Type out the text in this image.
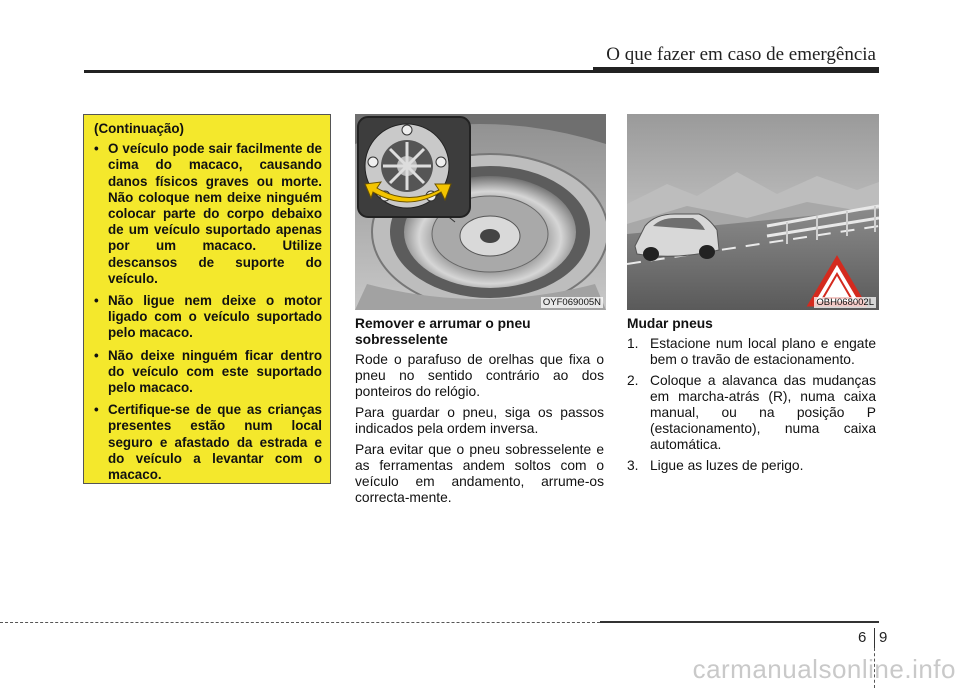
O que fazer em caso de emergência
(Continuação)
• O veículo pode sair facilmente de cima do macaco, causando danos físicos graves ou morte. Não coloque nem deixe ninguém colocar parte do corpo debaixo de um veículo suportado apenas por um macaco. Utilize descansos de suporte do veículo.
• Não ligue nem deixe o motor ligado com o veículo suportado pelo macaco.
• Não deixe ninguém ficar dentro do veículo com este suportado pelo macaco.
• Certifique-se de que as crianças presentes estão num local seguro e afastado da estrada e do veículo a levantar com o macaco.
OYF069005N	OBH068002L
Remover e arrumar o pneu sobresselente

Rode o parafuso de orelhas que fixa o pneu no sentido contrário ao dos ponteiros do relógio.

Para guardar o pneu, siga os passos indicados pela ordem inversa.

Para evitar que o pneu sobresselente e as ferramentas andem soltos com o veículo em andamento, arrume-os correcta-mente.

Mudar pneus
1. Estacione num local plano e engate bem o travão de estacionamento.
2. Coloque a alavanca das mudanças em marcha-atrás (R), numa caixa manual, ou na posição P (estacionamento), numa caixa automática.
3. Ligue as luzes de perigo.
6 9
carmanualsonline.info
